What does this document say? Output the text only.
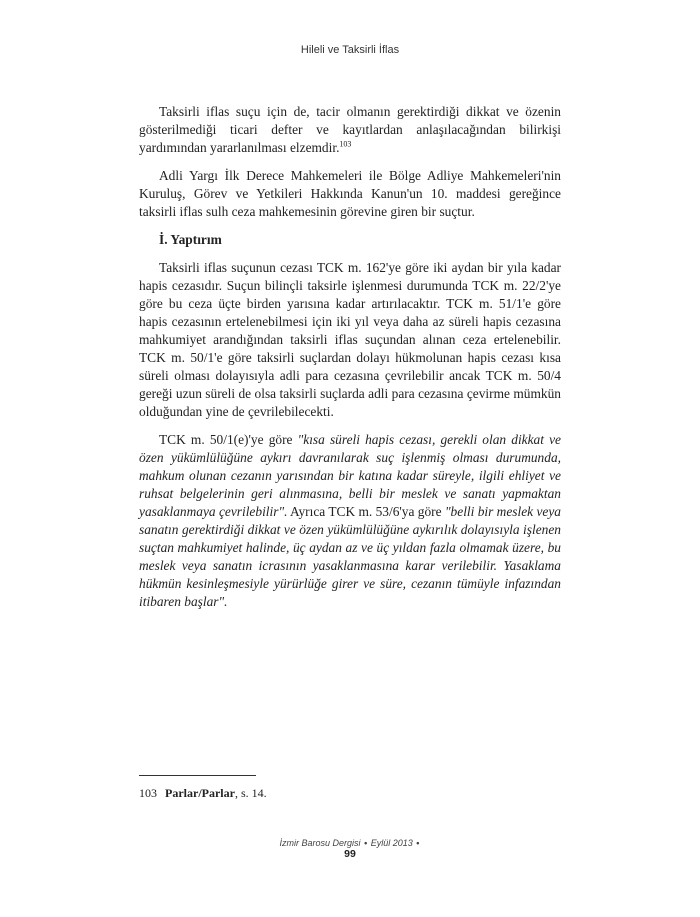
Hileli ve Taksirli İflas

Taksirli iflas suçu için de, tacir olmanın gerektirdiği dikkat ve özenin gösterilmediği ticari defter ve kayıtlardan anlaşılacağından bilirkişi yardımından yararlanılması elzemdir.$^{103}$

Adli Yargı İlk Derece Mahkemeleri ile Bölge Adliye Mahkemeleri'nin Kuruluş, Görev ve Yetkileri Hakkında Kanun'un 10. maddesi gereğince taksirli iflas sulh ceza mahkemesinin görevine giren bir suçtur.

İ. Yaptırım

Taksirli iflas suçunun cezası TCK m. 162'ye göre iki aydan bir yıla kadar hapis cezasıdır. Suçun bilinçli taksirle işlenmesi durumunda TCK m. 22/2'ye göre bu ceza üçte birden yarısına kadar artırılacaktır. TCK m. 51/1'e göre hapis cezasının ertelenebilmesi için iki yıl veya daha az süreli hapis cezasına mahkumiyet arandığından taksirli iflas suçundan alınan ceza ertelenebilir. TCK m. 50/1'e göre taksirli suçlardan dolayı hükmolunan hapis cezası kısa süreli olması dolayısıyla adli para cezasına çevrilebilir ancak TCK m. 50/4 gereği uzun süreli de olsa taksirli suçlarda adli para cezasına çevirme mümkün olduğundan yine de çevrilebilecekti.

TCK m. 50/1(e)'ye göre "kısa süreli hapis cezası, gerekli olan dikkat ve özen yükümlülüğüne aykırı davranılarak suç işlenmiş olması durumunda, mahkum olunan cezanın yarısından bir katına kadar süreyle, ilgili ehliyet ve ruhsat belgelerinin geri alınmasına, belli bir meslek ve sanatı yapmaktan yasaklanmaya çevrilebilir". Ayrıca TCK m. 53/6'ya göre "belli bir meslek veya sanatın gerektirdiği dikkat ve özen yükümlülüğüne aykırılık dolayısıyla işlenen suçtan mahkumiyet halinde, üç aydan az ve üç yıldan fazla olmamak üzere, bu meslek veya sanatın icrasının yasaklanmasına karar verilebilir. Yasaklama hükmün kesinleşmesiyle yürürlüğe girer ve süre, cezanın tümüyle infazından itibaren başlar".

103 Parlar/Parlar, s. 14.
İzmir Barosu Dergisi • Eylül 2013 • 99
